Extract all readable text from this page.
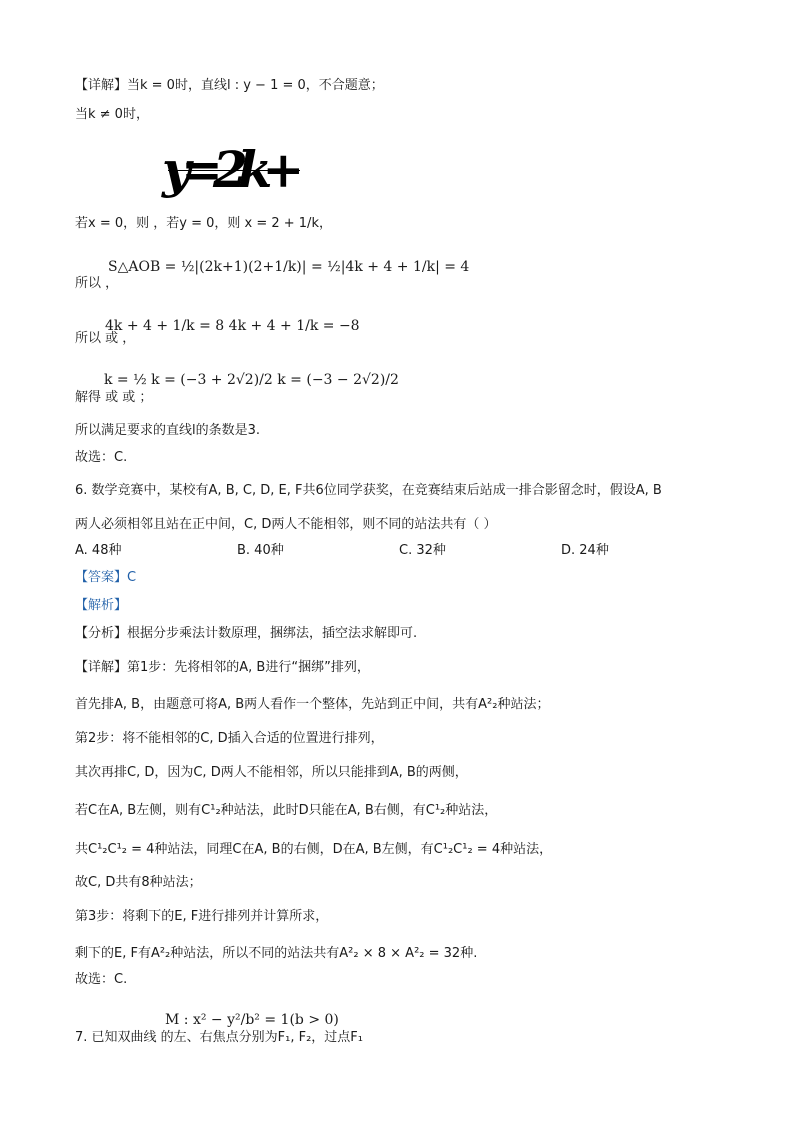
【详解】当k = 0时，直线l : y − 1 = 0，不合题意；
当k ≠ 0时，
y=2k+
若x = 0，则 ，若y = 0，则 x = 2 + 1/k，
S△AOB = ½|(2k+1)(2+1/k)| = ½|4k + 4 + 1/k| = 4
所以 ，
4k + 4 + 1/k = 8 4k + 4 + 1/k = −8
所以 或 ，
k = ½ k = (−3 + 2√2)/2 k = (−3 − 2√2)/2
解得 或 或 ；
所以满足要求的直线l的条数是3.
故选：C.
6. 数学竞赛中，某校有A, B, C, D, E, F共6位同学获奖，在竞赛结束后站成一排合影留念时，假设A, B
两人必须相邻且站在正中间，C, D两人不能相邻，则不同的站法共有（ ）
A. 48种	B. 40种	C. 32种	D. 24种
【答案】C
【解析】
【分析】根据分步乘法计数原理，捆绑法，插空法求解即可.
【详解】第1步：先将相邻的A, B进行“捆绑”排列，
首先排A, B，由题意可将A, B两人看作一个整体，先站到正中间，共有A²₂种站法；
第2步：将不能相邻的C, D插入合适的位置进行排列，
其次再排C, D，因为C, D两人不能相邻，所以只能排到A, B的两侧，
若C在A, B左侧，则有C¹₂种站法，此时D只能在A, B右侧，有C¹₂种站法，
共C¹₂C¹₂ = 4种站法，同理C在A, B的右侧，D在A, B左侧，有C¹₂C¹₂ = 4种站法，
故C, D共有8种站法；
第3步：将剩下的E, F进行排列并计算所求，
剩下的E, F有A²₂种站法，所以不同的站法共有A²₂ × 8 × A²₂ = 32种.
故选：C.
M : x² − y²/b² = 1(b > 0)
7. 已知双曲线 的左、右焦点分别为F₁, F₂，过点F₁
